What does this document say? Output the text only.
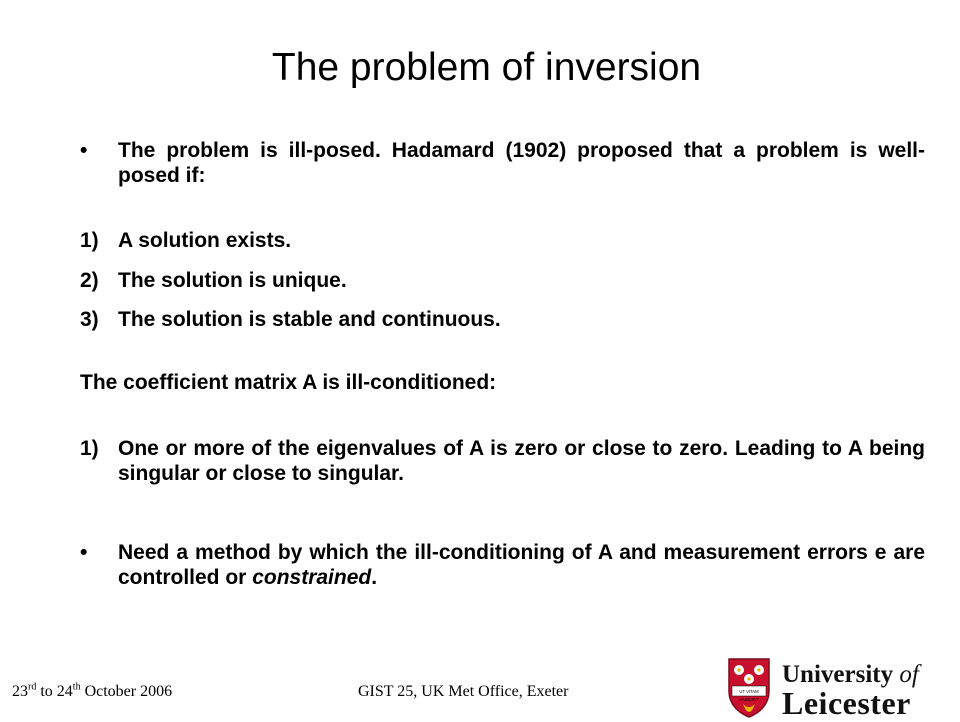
The problem of inversion
• The problem is ill-posed. Hadamard (1902) proposed that a problem is well-posed if:
1) A solution exists.
2) The solution is unique.
3) The solution is stable and continuous.
The coefficient matrix A is ill-conditioned:
1) One or more of the eigenvalues of A is zero or close to zero. Leading to A being singular or close to singular.
• Need a method by which the ill-conditioning of A and measurement errors e are controlled or constrained.
23rd to 24th October 2006	GIST 25, UK Met Office, Exeter	UT VITAM
HABEANT
University of
Leicester
